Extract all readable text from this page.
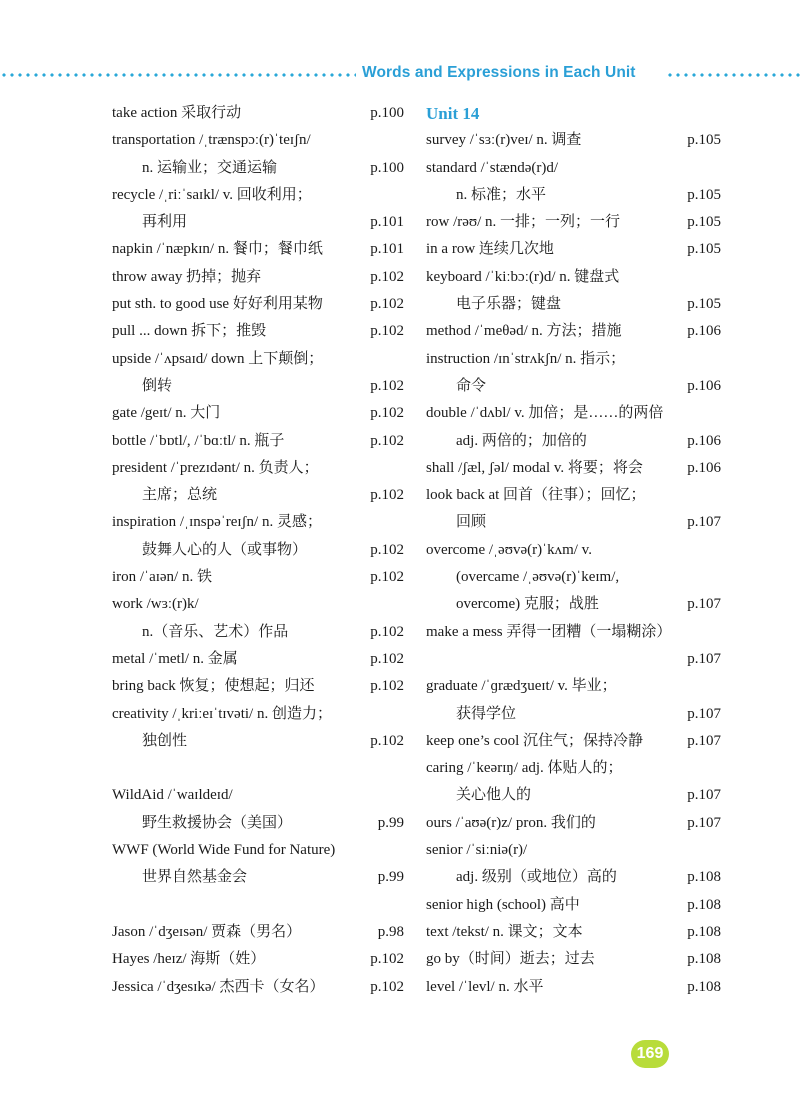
Words and Expressions in Each Unit
take action 采取行动	p.100
transportation /ˌtrænspɔː(r)ˈteɪʃn/
n. 运输业；交通运输	p.100
recycle /ˌriːˈsaɪkl/ v. 回收利用；
再利用	p.101
napkin /ˈnæpkɪn/ n. 餐巾；餐巾纸	p.101
throw away 扔掉；抛弃	p.102
put sth. to good use 好好利用某物	p.102
pull ... down 拆下；推毁	p.102
upside /ˈʌpsaɪd/ down 上下颠倒；
倒转	p.102
gate /geɪt/ n. 大门	p.102
bottle /ˈbɒtl/, /ˈbɑːtl/ n. 瓶子	p.102
president /ˈprezɪdənt/ n. 负责人；
主席；总统	p.102
inspiration /ˌɪnspəˈreɪʃn/ n. 灵感；
鼓舞人心的人（或事物）	p.102
iron /ˈaɪən/ n. 铁	p.102
work /wɜː(r)k/
n.（音乐、艺术）作品	p.102
metal /ˈmetl/ n. 金属	p.102
bring back 恢复；使想起；归还	p.102
creativity /ˌkriːeɪˈtɪvəti/ n. 创造力；
独创性	p.102
WildAid /ˈwaɪldeɪd/
野生救援协会（美国）	p.99
WWF (World Wide Fund for Nature)
世界自然基金会	p.99
Jason /ˈdʒeɪsən/ 贾森（男名）	p.98
Hayes /heɪz/ 海斯（姓）	p.102
Jessica /ˈdʒesɪkə/ 杰西卡（女名）	p.102
Unit 14
survey /ˈsɜː(r)veɪ/ n. 调查	p.105
standard /ˈstændə(r)d/
n. 标准；水平	p.105
row /rəʊ/ n. 一排；一列；一行	p.105
in a row 连续几次地	p.105
keyboard /ˈkiːbɔː(r)d/ n. 键盘式
电子乐器；键盘	p.105
method /ˈmeθəd/ n. 方法；措施	p.106
instruction /ɪnˈstrʌkʃn/ n. 指示；
命令	p.106
double /ˈdʌbl/ v. 加倍；是……的两倍
adj. 两倍的；加倍的	p.106
shall /ʃæl, ʃəl/ modal v. 将要；将会	p.106
look back at 回首（往事）；回忆；
回顾	p.107
overcome /ˌəʊvə(r)ˈkʌm/ v.
(overcame /ˌəʊvə(r)ˈkeɪm/,
overcome) 克服；战胜	p.107
make a mess 弄得一团糟（一塌糊涂）
p.107
graduate /ˈɡrædʒueɪt/ v. 毕业；
获得学位	p.107
keep one’s cool 沉住气；保持冷静	p.107
caring /ˈkeərɪŋ/ adj. 体贴人的；
关心他人的	p.107
ours /ˈaʊə(r)z/ pron. 我们的	p.107
senior /ˈsiːniə(r)/
adj. 级别（或地位）高的	p.108
senior high (school) 高中	p.108
text /tekst/ n. 课文；文本	p.108
go by（时间）逝去；过去	p.108
level /ˈlevl/ n. 水平	p.108
169
